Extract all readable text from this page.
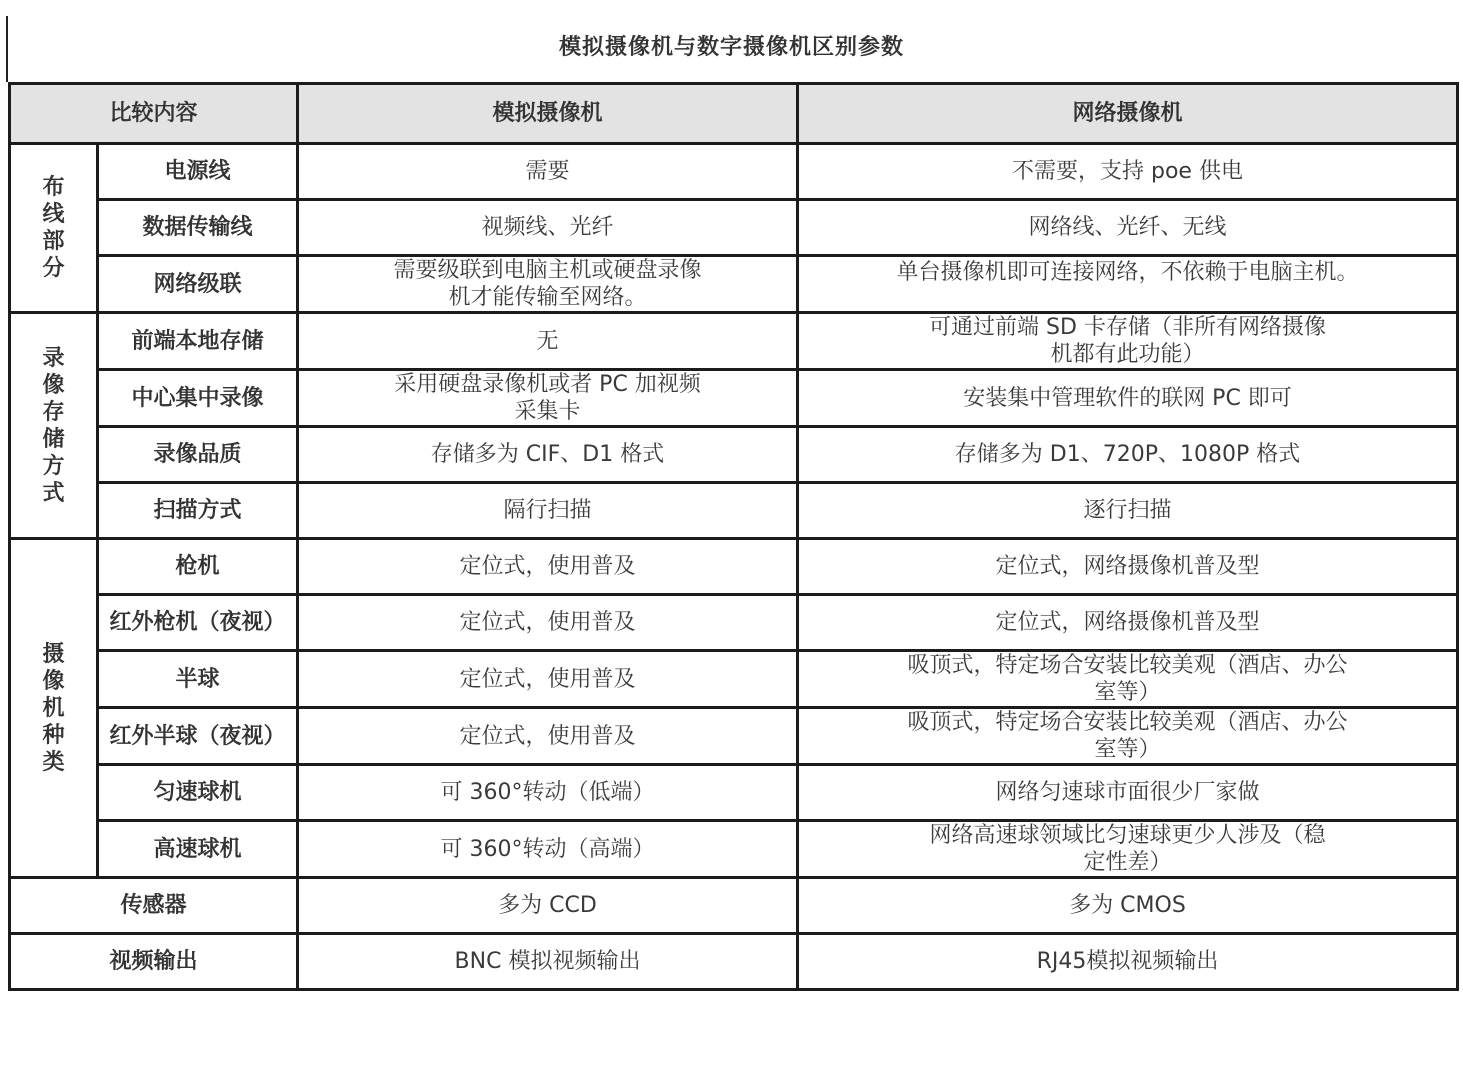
模拟摄像机与数字摄像机区别参数
比较内容		模拟摄像机	网络摄像机
布线部分	电源线	需要	不需要，支持 poe 供电
	数据传输线	视频线、光纤	网络线、光纤、无线
	网络级联	需要级联到电脑主机或硬盘录像机才能传输至网络。	单台摄像机即可连接网络，不依赖于电脑主机。
录像存储方式	前端本地存储	无	可通过前端 SD 卡存储（非所有网络摄像机都有此功能）
	中心集中录像	采用硬盘录像机或者 PC 加视频采集卡	安装集中管理软件的联网 PC 即可
	录像品质	存储多为 CIF、D1 格式	存储多为 D1、720P、1080P 格式
	扫描方式	隔行扫描	逐行扫描
摄像机种类	枪机	定位式，使用普及	定位式，网络摄像机普及型
	红外枪机（夜视）	定位式，使用普及	定位式，网络摄像机普及型
	半球	定位式，使用普及	吸顶式，特定场合安装比较美观（酒店、办公室等）
	红外半球（夜视）	定位式，使用普及	吸顶式，特定场合安装比较美观（酒店、办公室等）
	匀速球机	可 360°转动（低端）	网络匀速球市面很少厂家做
	高速球机	可 360°转动（高端）	网络高速球领域比匀速球更少人涉及（稳定性差）
传感器		多为 CCD	多为 CMOS
视频输出		BNC 模拟视频输出	RJ45模拟视频输出
